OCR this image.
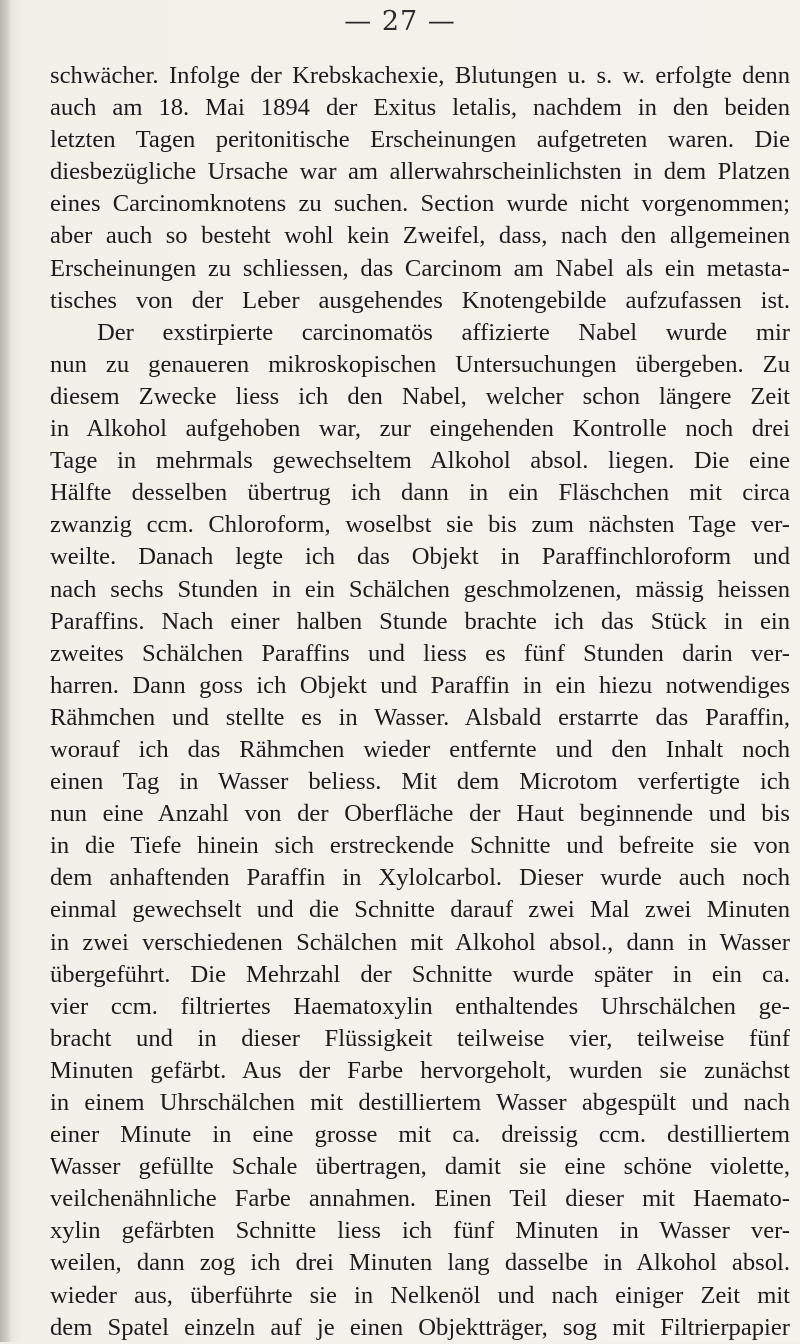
— 27 —
schwächer. Infolge der Krebskachexie, Blutungen u. s. w. erfolgte denn
auch am 18. Mai 1894 der Exitus letalis, nachdem in den beiden
letzten Tagen peritonitische Erscheinungen aufgetreten waren. Die
diesbezügliche Ursache war am allerwahrscheinlichsten in dem Platzen
eines Carcinomknotens zu suchen. Section wurde nicht vorgenommen;
aber auch so besteht wohl kein Zweifel, dass, nach den allgemeinen
Erscheinungen zu schliessen, das Carcinom am Nabel als ein metasta-
tisches von der Leber ausgehendes Knotengebilde aufzufassen ist.
Der exstirpierte carcinomatös affizierte Nabel wurde mir
nun zu genaueren mikroskopischen Untersuchungen übergeben. Zu
diesem Zwecke liess ich den Nabel, welcher schon längere Zeit
in Alkohol aufgehoben war, zur eingehenden Kontrolle noch drei
Tage in mehrmals gewechseltem Alkohol absol. liegen. Die eine
Hälfte desselben übertrug ich dann in ein Fläschchen mit circa
zwanzig ccm. Chloroform, woselbst sie bis zum nächsten Tage ver-
weilte. Danach legte ich das Objekt in Paraffinchloroform und
nach sechs Stunden in ein Schälchen geschmolzenen, mässig heissen
Paraffins. Nach einer halben Stunde brachte ich das Stück in ein
zweites Schälchen Paraffins und liess es fünf Stunden darin ver-
harren. Dann goss ich Objekt und Paraffin in ein hiezu notwendiges
Rähmchen und stellte es in Wasser. Alsbald erstarrte das Paraffin,
worauf ich das Rähmchen wieder entfernte und den Inhalt noch
einen Tag in Wasser beliess. Mit dem Microtom verfertigte ich
nun eine Anzahl von der Oberfläche der Haut beginnende und bis
in die Tiefe hinein sich erstreckende Schnitte und befreite sie von
dem anhaftenden Paraffin in Xylolcarbol. Dieser wurde auch noch
einmal gewechselt und die Schnitte darauf zwei Mal zwei Minuten
in zwei verschiedenen Schälchen mit Alkohol absol., dann in Wasser
übergeführt. Die Mehrzahl der Schnitte wurde später in ein ca.
vier ccm. filtriertes Haematoxylin enthaltendes Uhrschälchen ge-
bracht und in dieser Flüssigkeit teilweise vier, teilweise fünf
Minuten gefärbt. Aus der Farbe hervorgeholt, wurden sie zunächst
in einem Uhrschälchen mit destilliertem Wasser abgespült und nach
einer Minute in eine grosse mit ca. dreissig ccm. destilliertem
Wasser gefüllte Schale übertragen, damit sie eine schöne violette,
veilchenähnliche Farbe annahmen. Einen Teil dieser mit Haemato-
xylin gefärbten Schnitte liess ich fünf Minuten in Wasser ver-
weilen, dann zog ich drei Minuten lang dasselbe in Alkohol absol.
wieder aus, überführte sie in Nelkenöl und nach einiger Zeit mit
dem Spatel einzeln auf je einen Objektträger, sog mit Filtrierpapier
